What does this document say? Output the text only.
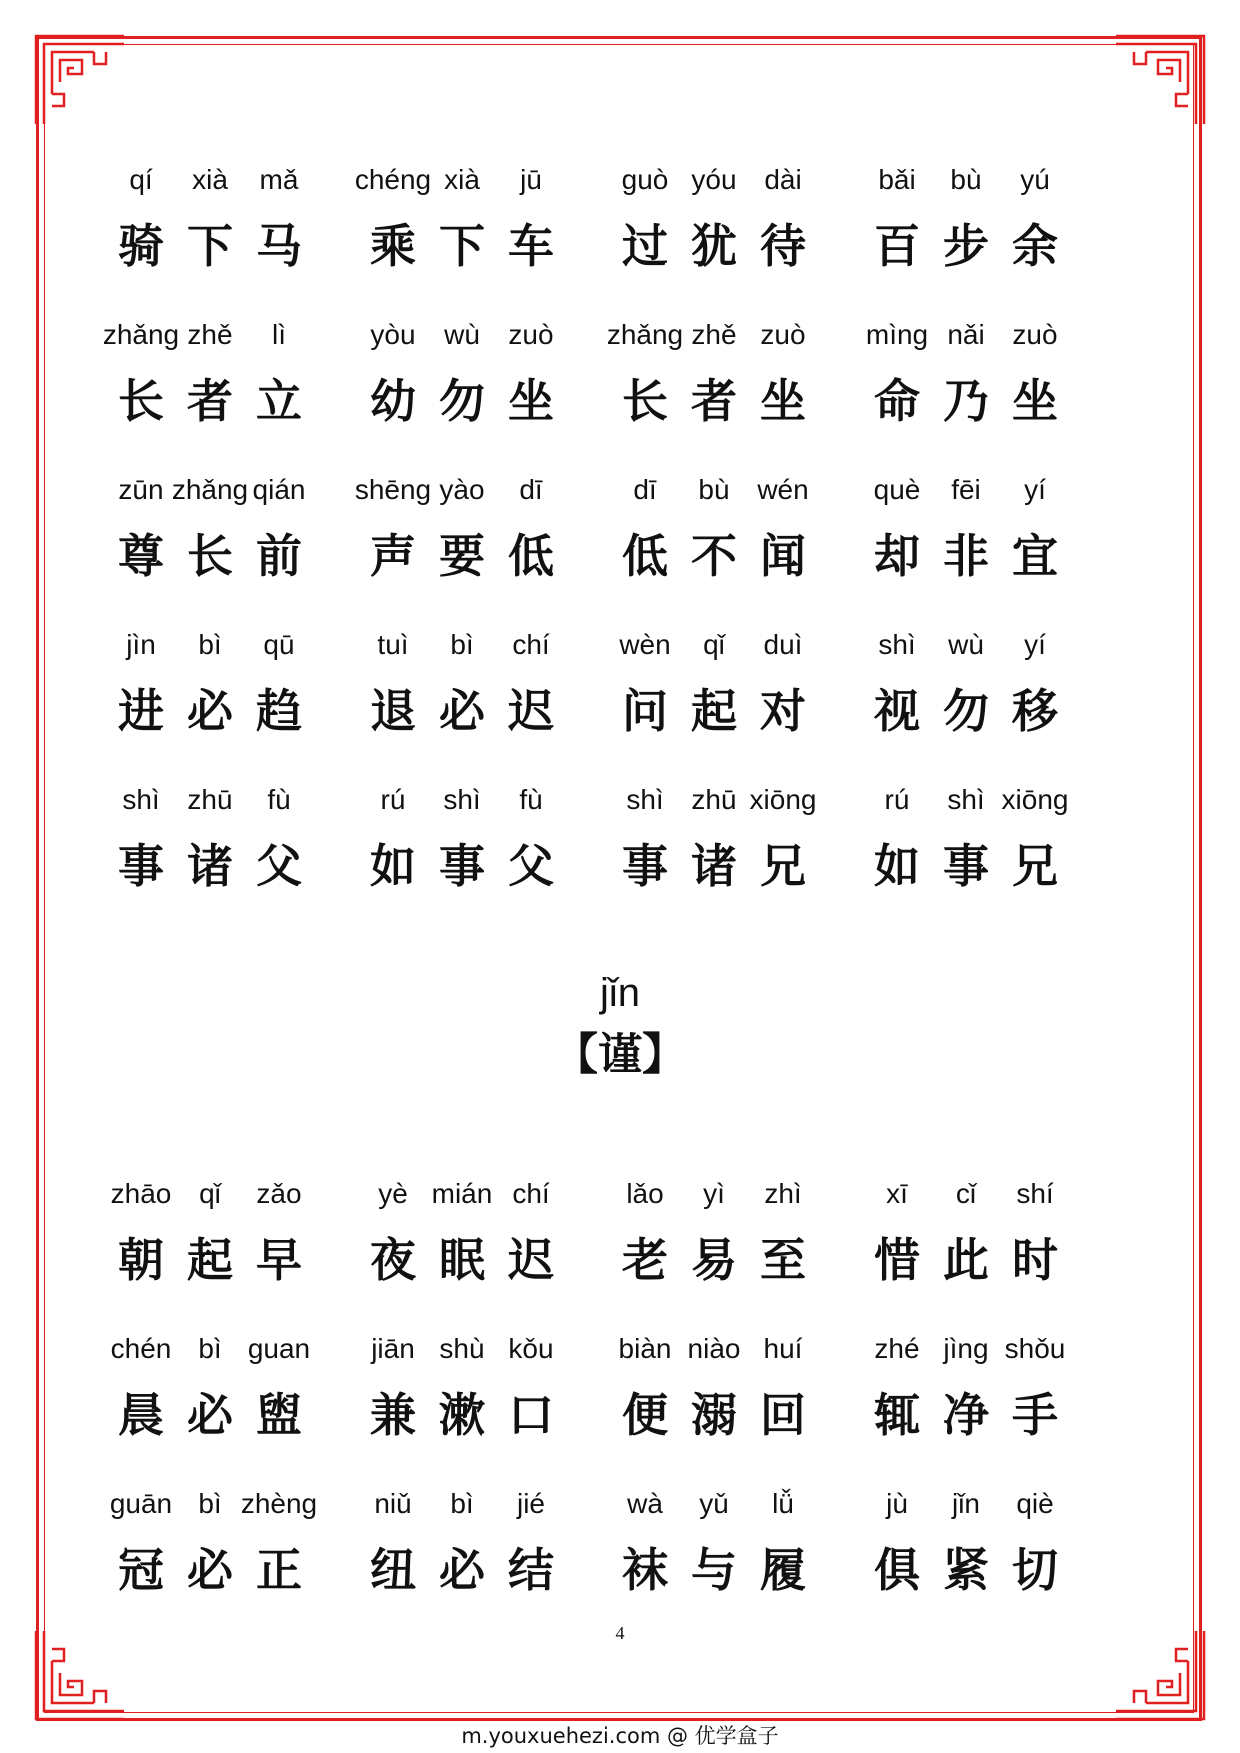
qí
骑
xià
下
mǎ
马
chéng
乘
xià
下
jū
车
guò
过
yóu
犹
dài
待
bǎi
百
bù
步
yú
余
zhǎng
长
zhě
者
lì
立
yòu
幼
wù
勿
zuò
坐
zhǎng
长
zhě
者
zuò
坐
mìng
命
nǎi
乃
zuò
坐
zūn
尊
zhǎng
长
qián
前
shēng
声
yào
要
dī
低
dī
低
bù
不
wén
闻
què
却
fēi
非
yí
宜
jìn
进
bì
必
qū
趋
tuì
退
bì
必
chí
迟
wèn
问
qǐ
起
duì
对
shì
视
wù
勿
yí
移
shì
事
zhū
诸
fù
父
rú
如
shì
事
fù
父
shì
事
zhū
诸
xiōng
兄
rú
如
shì
事
xiōng
兄
jǐn
【谨】
zhāo
朝
qǐ
起
zǎo
早
yè
夜
mián
眠
chí
迟
lǎo
老
yì
易
zhì
至
xī
惜
cǐ
此
shí
时
chén
晨
bì
必
guan
盥
jiān
兼
shù
漱
kǒu
口
biàn
便
niào
溺
huí
回
zhé
辄
jìng
净
shǒu
手
guān
冠
bì
必
zhèng
正
niǔ
纽
bì
必
jié
结
wà
袜
yǔ
与
lǚ
履
jù
俱
jǐn
紧
qiè
切
4
m.youxuehezi.com @ 优学盒子
